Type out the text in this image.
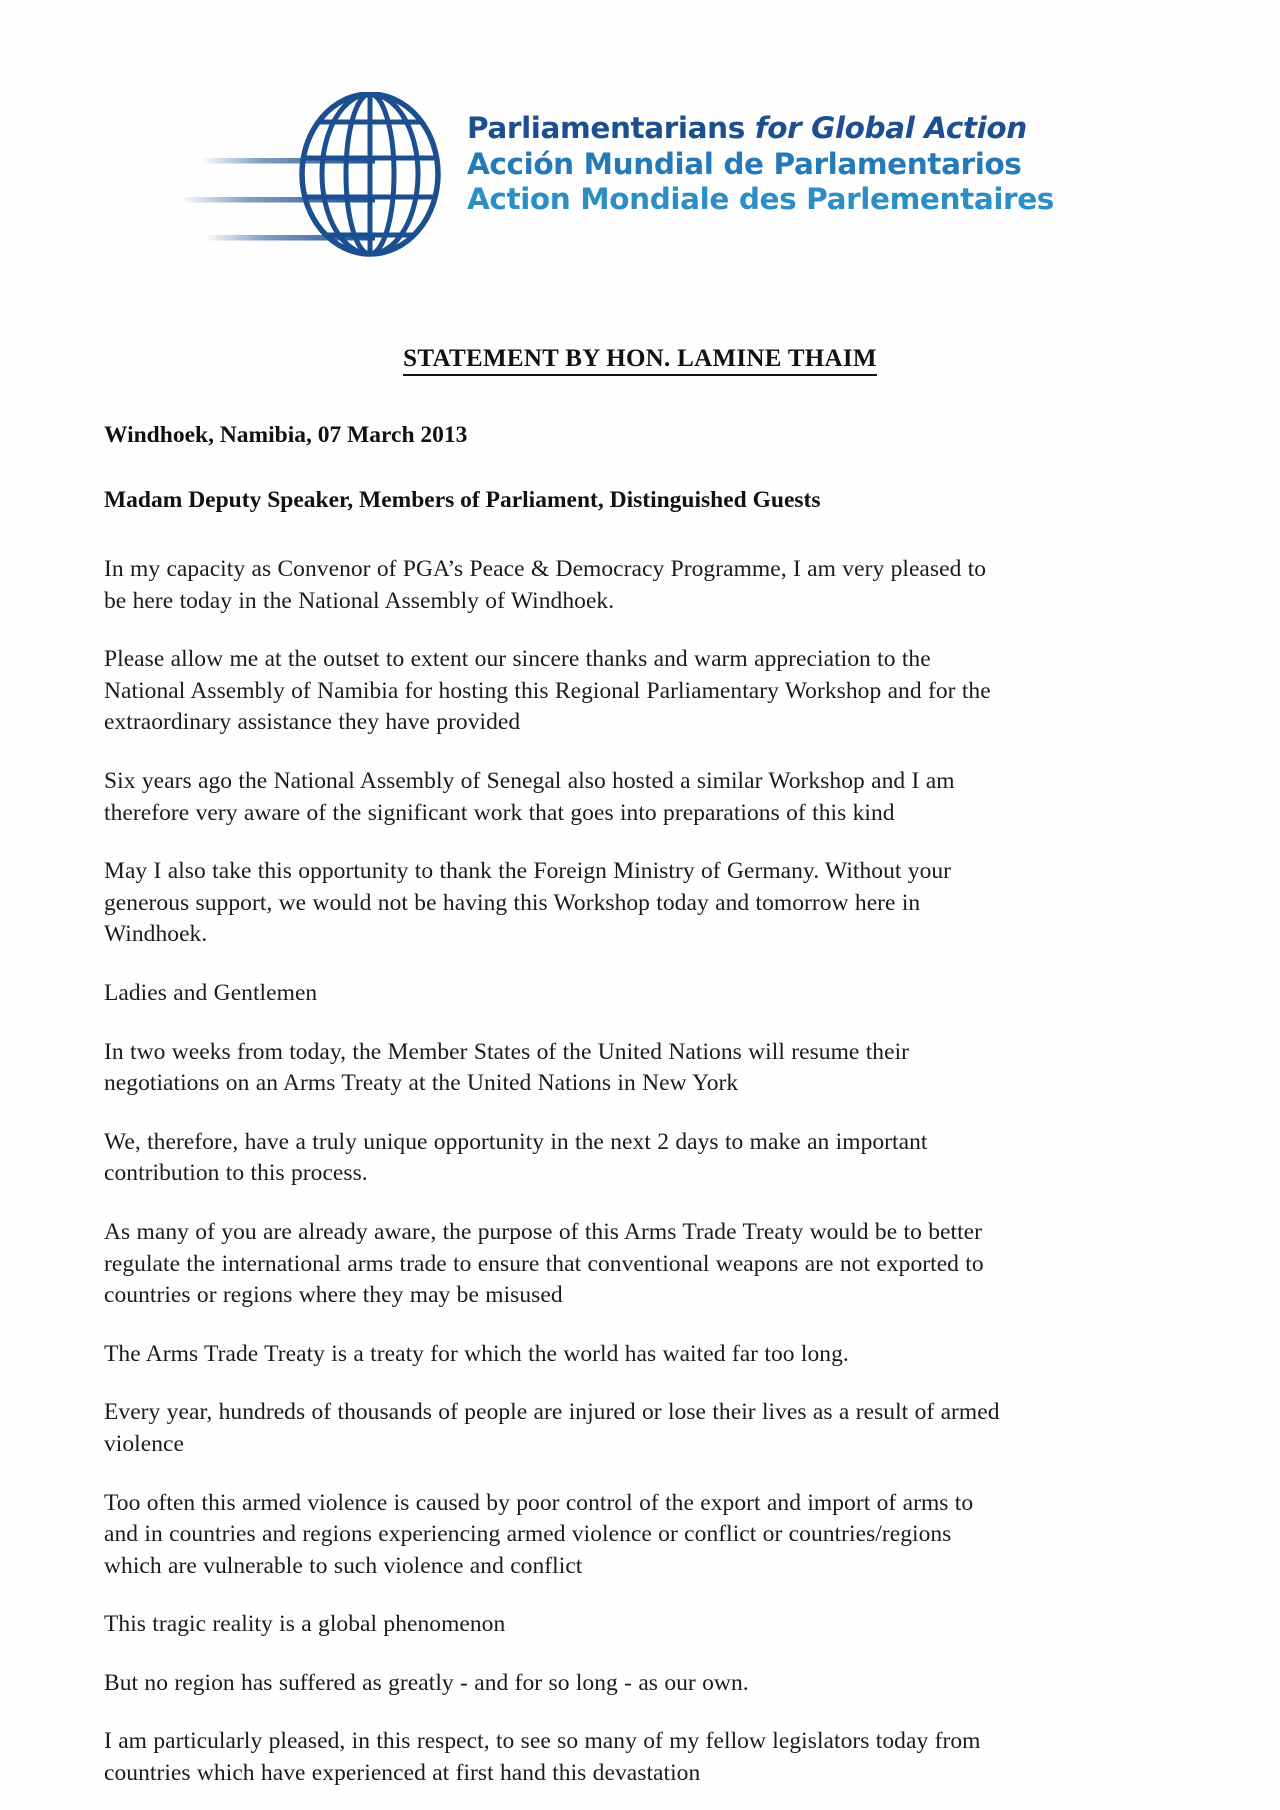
Parliamentarians for Global Action
Acción Mundial de Parlamentarios
Action Mondiale des Parlementaires
STATEMENT BY HON. LAMINE THAIM
Windhoek, Namibia, 07 March 2013
Madam Deputy Speaker, Members of Parliament, Distinguished Guests

In my capacity as Convenor of PGA’s Peace & Democracy Programme, I am very pleased to be here today in the National Assembly of Windhoek.

Please allow me at the outset to extent our sincere thanks and warm appreciation to the National Assembly of Namibia for hosting this Regional Parliamentary Workshop and for the extraordinary assistance they have provided

Six years ago the National Assembly of Senegal also hosted a similar Workshop and I am therefore very aware of the significant work that goes into preparations of this kind

May I also take this opportunity to thank the Foreign Ministry of Germany. Without your generous support, we would not be having this Workshop today and tomorrow here in Windhoek.

Ladies and Gentlemen

In two weeks from today, the Member States of the United Nations will resume their negotiations on an Arms Treaty at the United Nations in New York

We, therefore, have a truly unique opportunity in the next 2 days to make an important contribution to this process.

As many of you are already aware, the purpose of this Arms Trade Treaty would be to better regulate the international arms trade to ensure that conventional weapons are not exported to countries or regions where they may be misused

The Arms Trade Treaty is a treaty for which the world has waited far too long.

Every year, hundreds of thousands of people are injured or lose their lives as a result of armed violence

Too often this armed violence is caused by poor control of the export and import of arms to and in countries and regions experiencing armed violence or conflict or countries/regions which are vulnerable to such violence and conflict

This tragic reality is a global phenomenon

But no region has suffered as greatly - and for so long - as our own.

I am particularly pleased, in this respect, to see so many of my fellow legislators today from countries which have experienced at first hand this devastation
